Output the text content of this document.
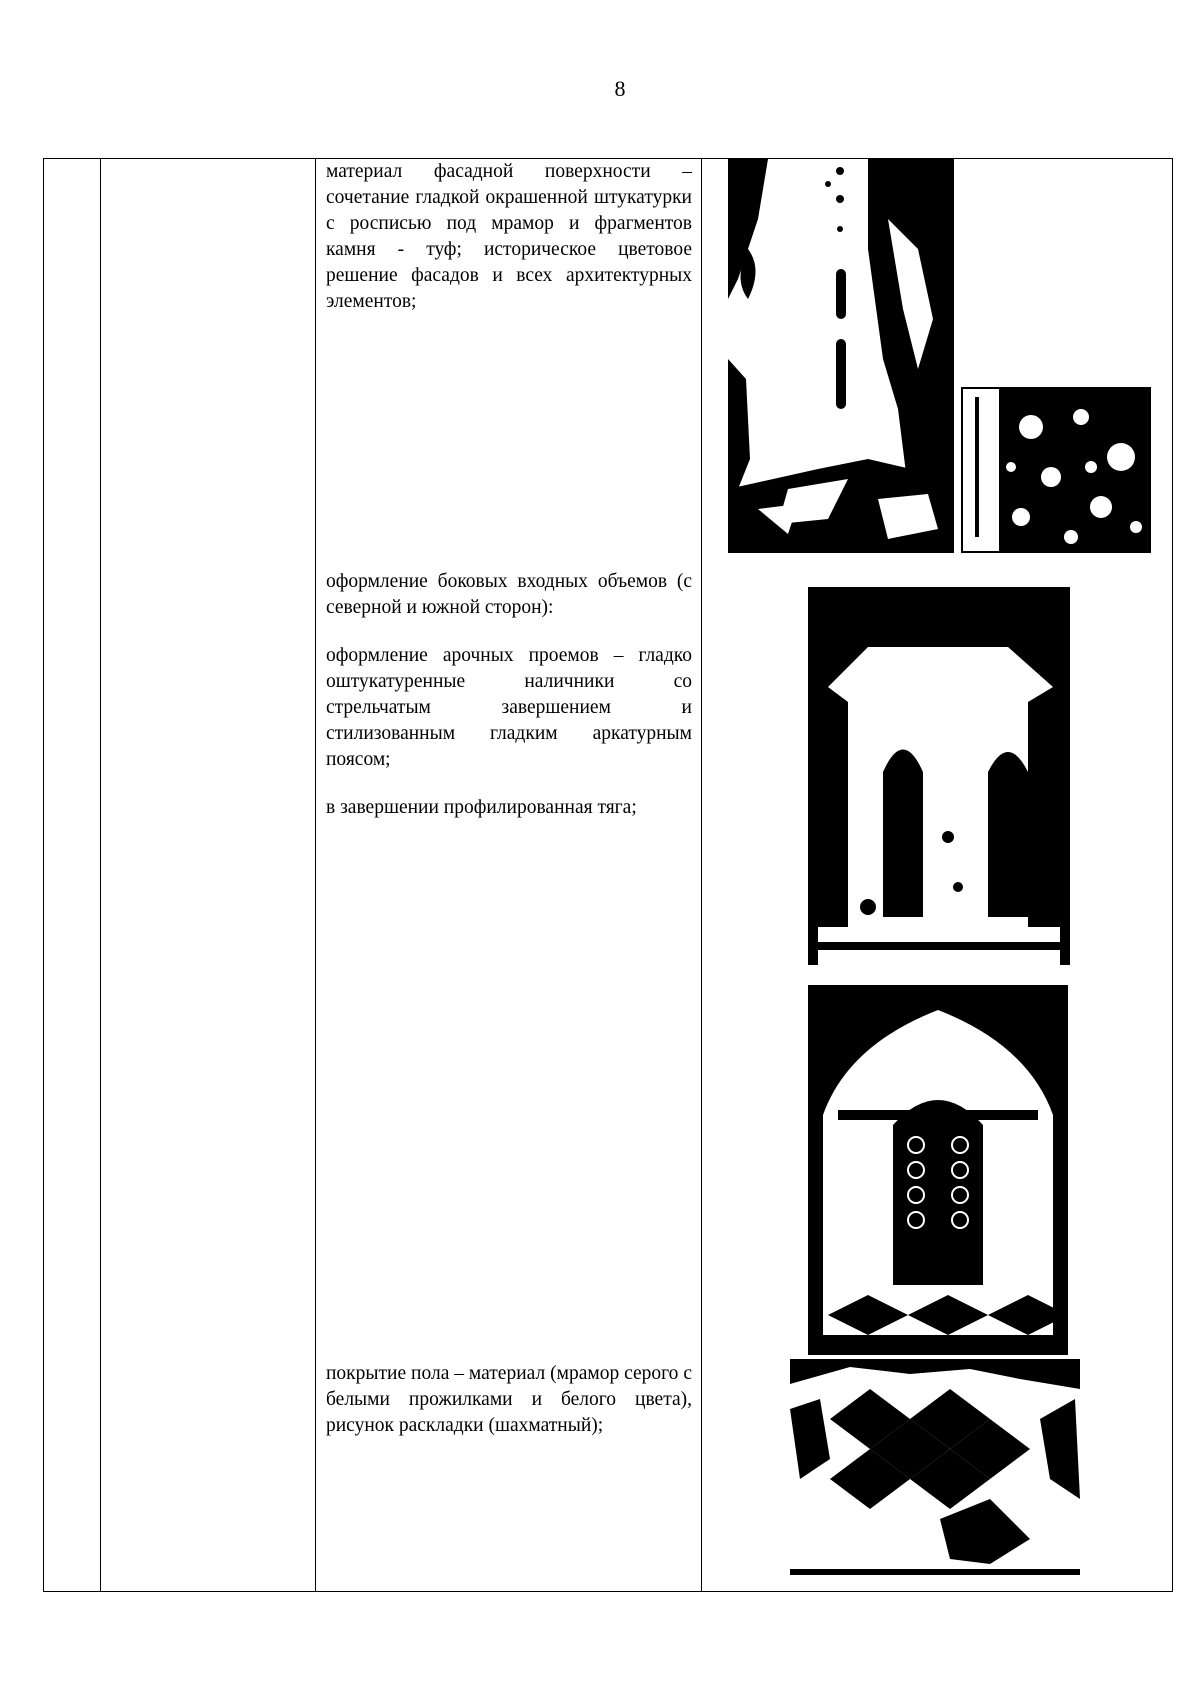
8

материал фасадной поверхности – сочетание гладкой окрашенной штукатурки с росписью под мрамор и фрагментов камня - туф; историческое цветовое решение фасадов и всех архитектурных элементов;

оформление боковых входных объемов (с северной и южной сторон):

оформление арочных проемов – гладко оштукатуренные наличники со стрельчатым завершением и стилизованным гладким аркатурным поясом;

в завершении профилированная тяга;

покрытие пола – материал (мрамор серого с белыми прожилками и белого цвета), рисунок раскладки (шахматный);
